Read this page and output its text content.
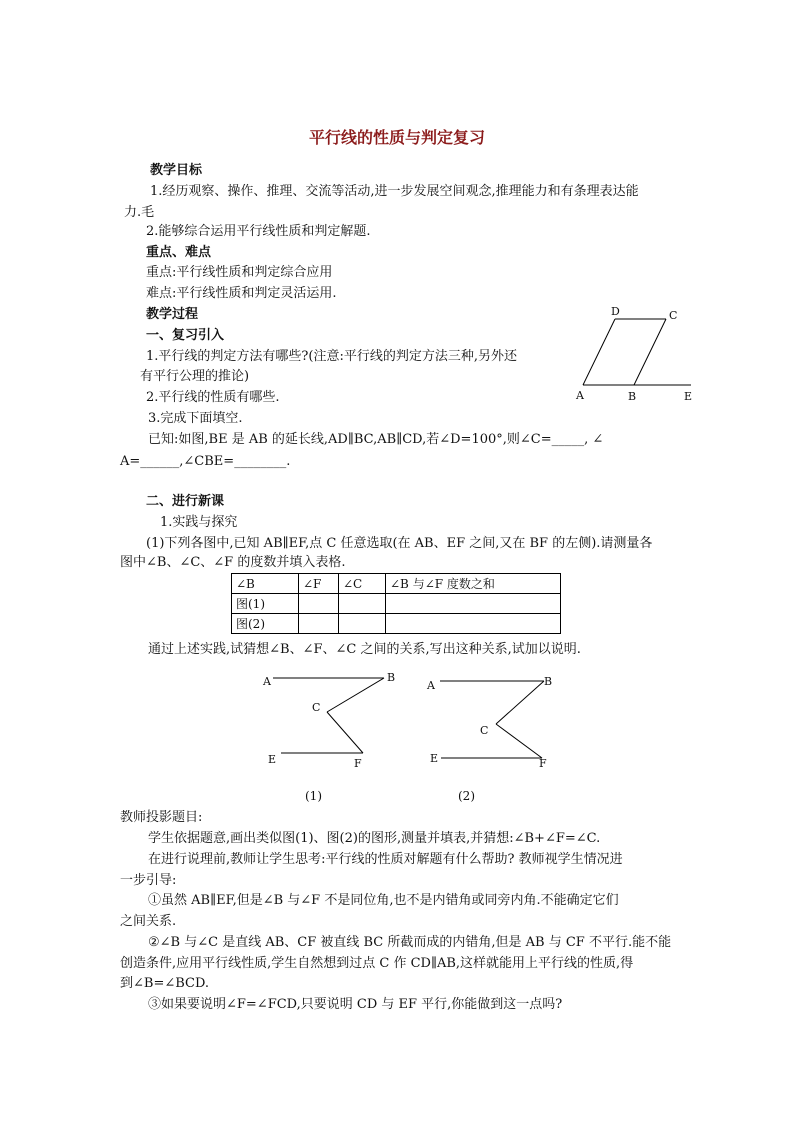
平行线的性质与判定复习
教学目标
1.经历观察、操作、推理、交流等活动,进一步发展空间观念,推理能力和有条理表达能
力.毛
2.能够综合运用平行线性质和判定解题.
重点、难点
重点:平行线性质和判定综合应用
难点:平行线性质和判定灵活运用.
教学过程
一、复习引入
1.平行线的判定方法有哪些?(注意:平行线的判定方法三种,另外还
有平行公理的推论)
2.平行线的性质有哪些.
3.完成下面填空.
已知:如图,BE 是 AB 的延长线,AD∥BC,AB∥CD,若∠D=100°,则∠C=_____, ∠
A=______,∠CBE=________.
D	C
A	B	E
二、进行新课
1.实践与探究
(1)下列各图中,已知 AB∥EF,点 C 任意选取(在 AB、EF 之间,又在 BF 的左侧).请测量各
图中∠B、∠C、∠F 的度数并填入表格.
∠B	∠F	∠C	∠B 与∠F 度数之和
图(1)			
图(2)			
通过上述实践,试猜想∠B、∠F、∠C 之间的关系,写出这种关系,试加以说明.
A	B
C
E	F
(1)
A	B
C
E	F
(2)
教师投影题目:
学生依据题意,画出类似图(1)、图(2)的图形,测量并填表,并猜想:∠B+∠F=∠C.
在进行说理前,教师让学生思考:平行线的性质对解题有什么帮助? 教师视学生情况进
一步引导:
①虽然 AB∥EF,但是∠B 与∠F 不是同位角,也不是内错角或同旁内角.不能确定它们
之间关系.
②∠B 与∠C 是直线 AB、CF 被直线 BC 所截而成的内错角,但是 AB 与 CF 不平行.能不能
创造条件,应用平行线性质,学生自然想到过点 C 作 CD∥AB,这样就能用上平行线的性质,得
到∠B=∠BCD.
③如果要说明∠F=∠FCD,只要说明 CD 与 EF 平行,你能做到这一点吗?
